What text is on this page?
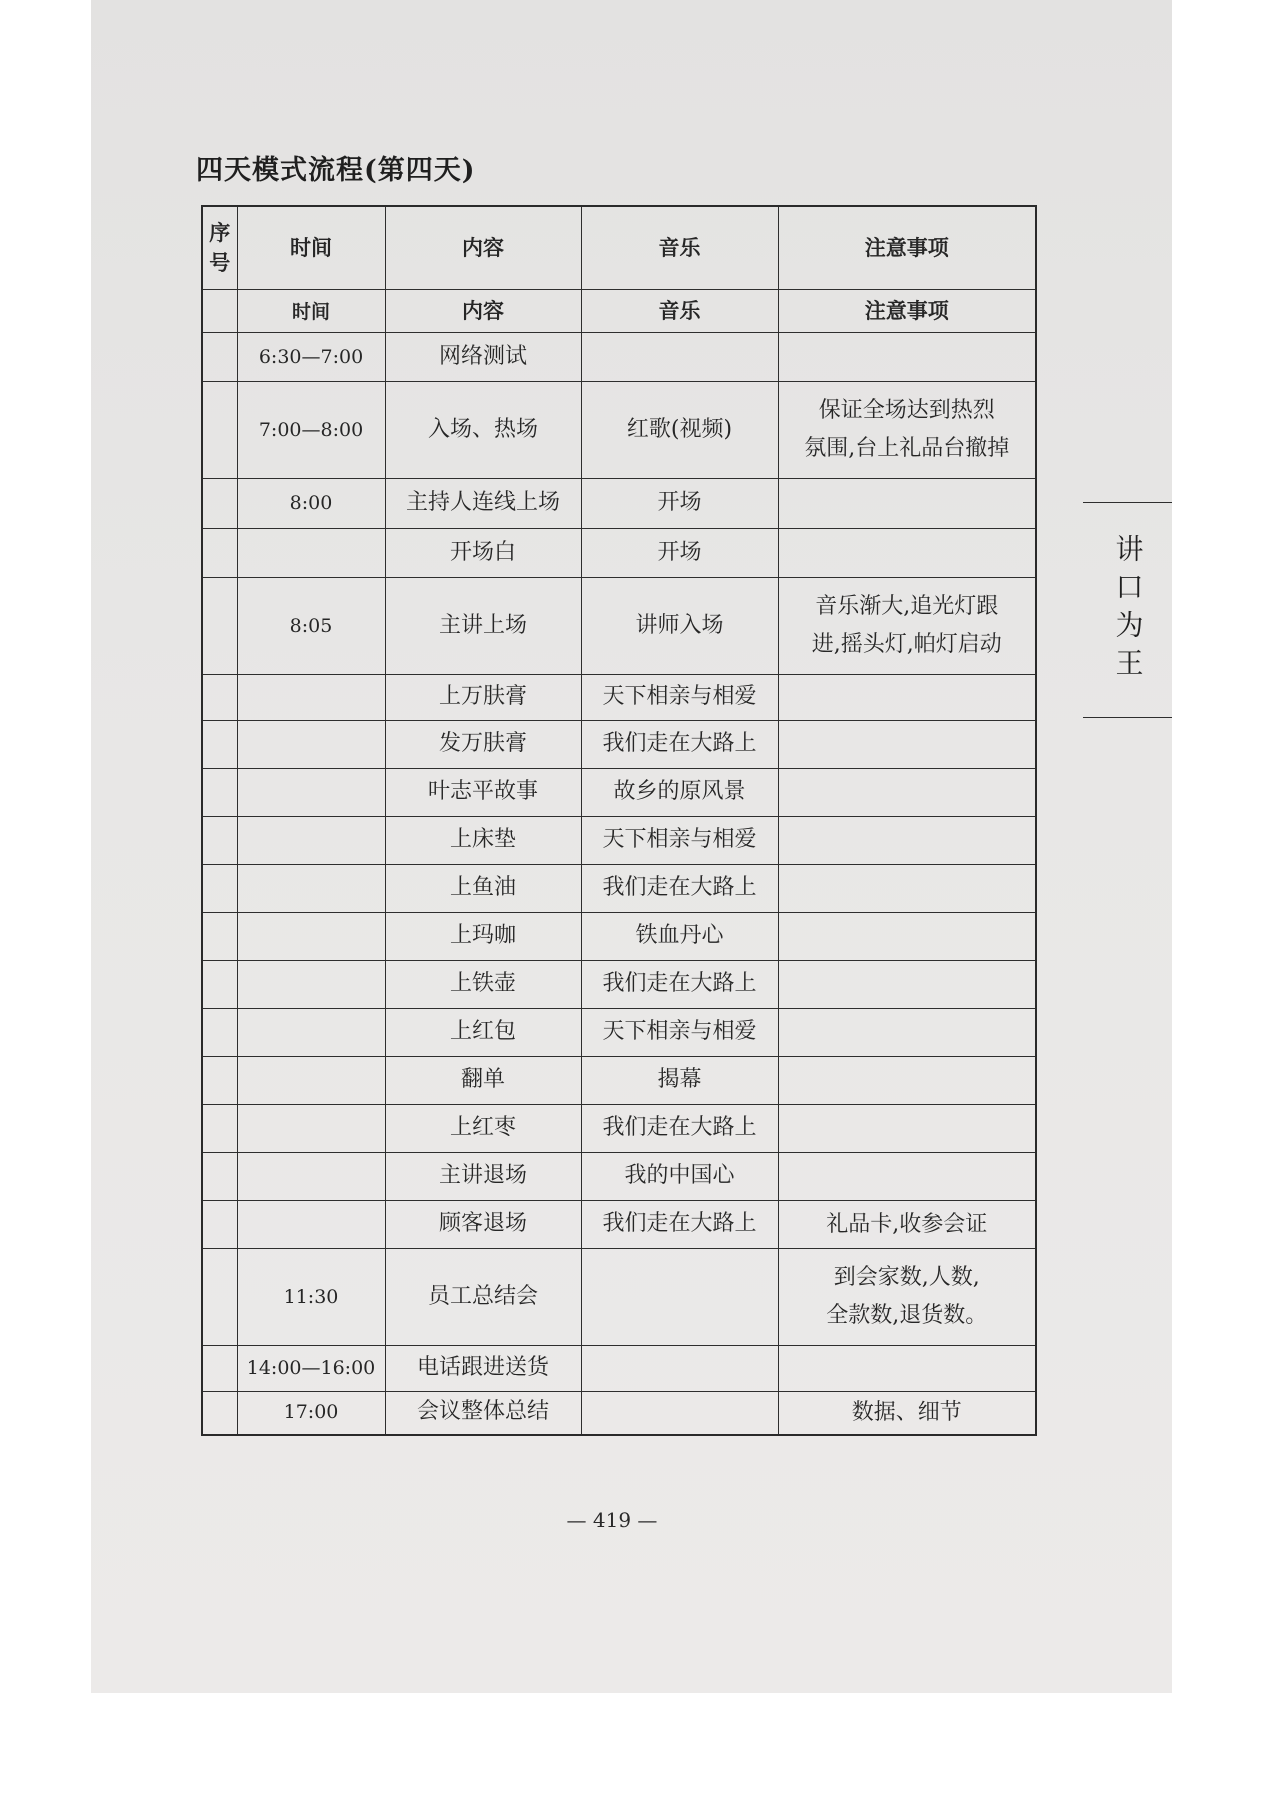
四天模式流程(第四天)
序号	时间	内容	音乐	注意事项
	时间	内容	音乐	注意事项

	6:30—7:00	网络测试		
	7:00—8:00	入场、热场	红歌(视频)	保证全场达到热烈
氛围,台上礼品台撤掉

	8:00	主持人连线上场	开场	
		开场白	开场	
	8:05	主讲上场	讲师入场	音乐渐大,追光灯跟
进,摇头灯,帕灯启动

		上万肤膏	天下相亲与相爱	
		发万肤膏	我们走在大路上	
		叶志平故事	故乡的原风景	
		上床垫	天下相亲与相爱	
		上鱼油	我们走在大路上	
		上玛咖	铁血丹心	
		上铁壶	我们走在大路上	
		上红包	天下相亲与相爱	
		翻单	揭幕	
		上红枣	我们走在大路上	
		主讲退场	我的中国心	
		顾客退场	我们走在大路上	礼品卡,收参会证

	11:30	员工总结会		到会家数,人数,
全款数,退货数。

	14:00—16:00	电话跟进送货		
	17:00	会议整体总结		数据、细节
讲口为王
— 419 —
